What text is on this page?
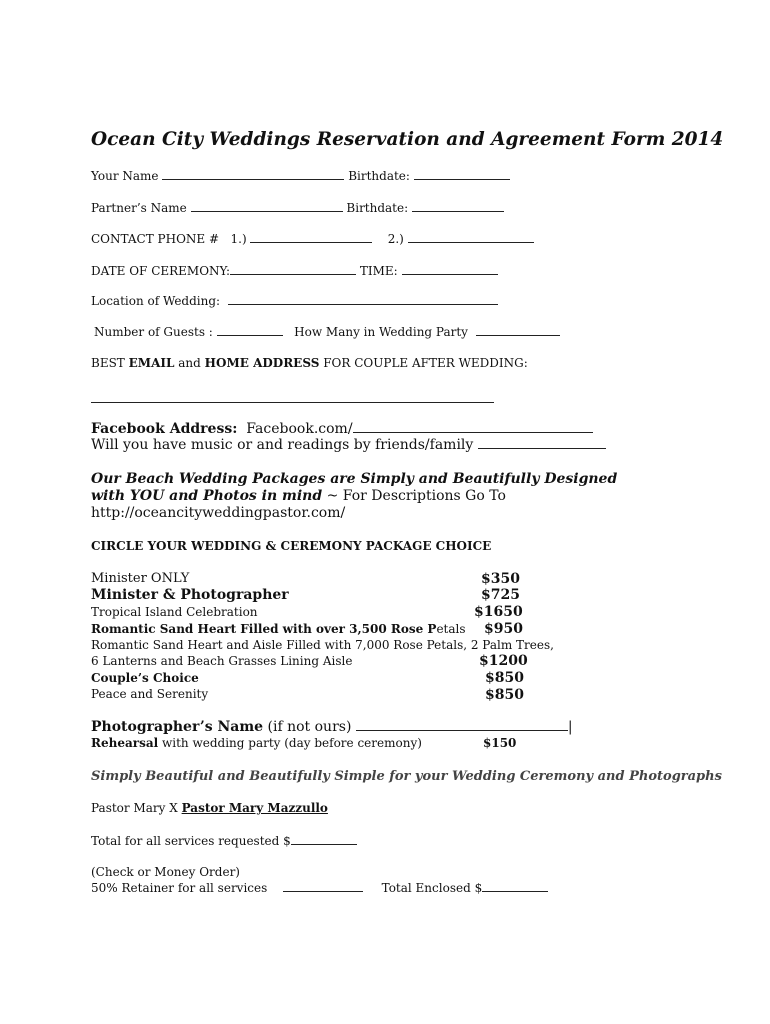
Ocean City Weddings Reservation and Agreement Form 2014
Your Name	Birthdate:
Partner’s Name	Birthdate:
CONTACT PHONE # 1.)	2.)
DATE OF CEREMONY:	TIME:
Location of Wedding:
Number of Guests :	How Many in Wedding Party
BEST EMAIL and HOME ADDRESS FOR COUPLE AFTER WEDDING:
Facebook Address: Facebook.com/
Will you have music or and readings by friends/family
Our Beach Wedding Packages are Simply and Beautifully Designed
with YOU and Photos in mind ~ For Descriptions Go To
http://oceancityweddingpastor.com/
CIRCLE YOUR WEDDING & CEREMONY PACKAGE CHOICE
Minister ONLY	$350
Minister & Photographer	$725
Tropical Island Celebration	$1650
Romantic Sand Heart Filled with over 3,500 Rose Petals $950
Romantic Sand Heart and Aisle Filled with 7,000 Rose Petals, 2 Palm Trees,
6 Lanterns and Beach Grasses Lining Aisle	$1200
Couple’s Choice	$850
Peace and Serenity	$850
Photographer’s Name (if not ours)	|
Rehearsal with wedding party (day before ceremony)	$150
Simply Beautiful and Beautifully Simple for your Wedding Ceremony and Photographs
Pastor Mary X Pastor Mary Mazzullo
Total for all services requested $
(Check or Money Order)
50% Retainer for all services	Total Enclosed $
